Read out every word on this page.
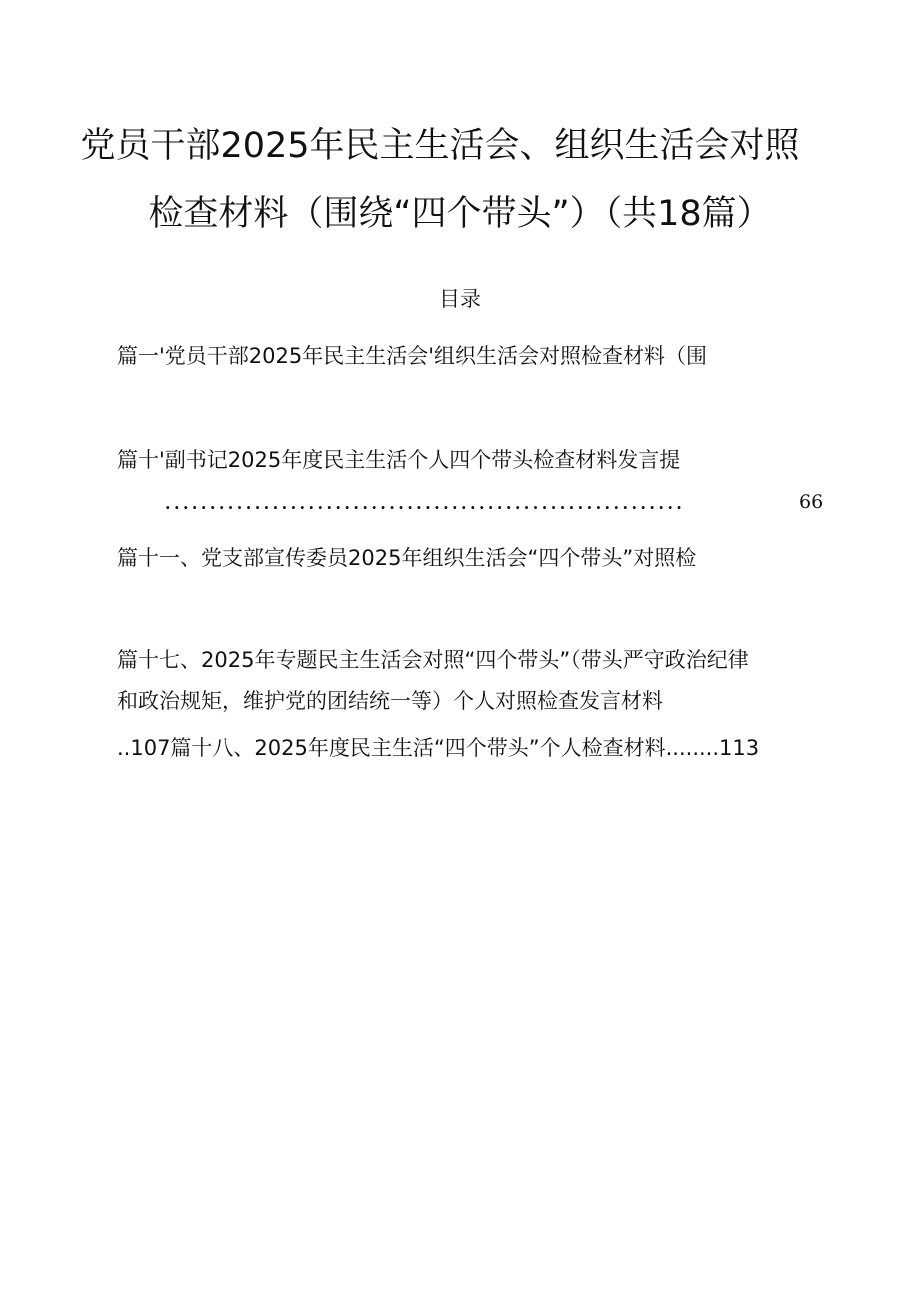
党员干部2025年民主生活会、组织生活会对照
检查材料（围绕“四个带头”）（共18篇）
目录
篇一'党员干部2025年民主生活会'组织生活会对照检查材料（围
篇十'副书记2025年度民主生活个人四个带头检查材料发言提
..........................................................	66
篇十一、党支部宣传委员2025年组织生活会“四个带头”对照检
篇十七、2025年专题民主生活会对照“四个带头”（带头严守政治纪律
和政治规矩，维护党的团结统一等）个人对照检查发言材料
..107篇十八、2025年度民主生活“四个带头”个人检查材料........113
